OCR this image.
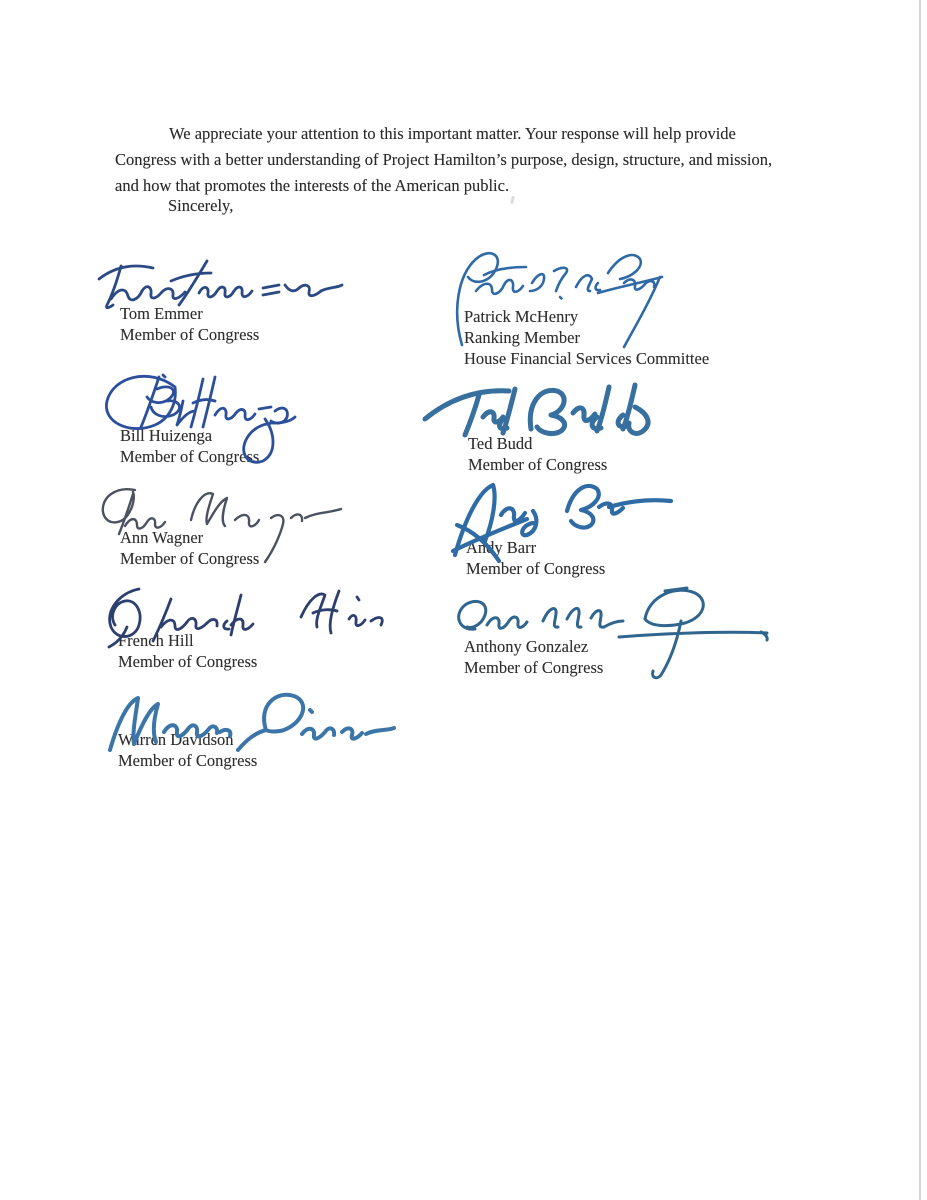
We appreciate your attention to this important matter. Your response will help provide Congress with a better understanding of Project Hamilton’s purpose, design, structure, and mission, and how that promotes the interests of the American public.

Sincerely,
Tom Emmer
Member of Congress
Patrick McHenry
Ranking Member
House Financial Services Committee
Bill Huizenga
Member of Congress
Ted Budd
Member of Congress
Ann Wagner
Member of Congress
Andy Barr
Member of Congress
French Hill
Member of Congress
Anthony Gonzalez
Member of Congress
Warren Davidson
Member of Congress
